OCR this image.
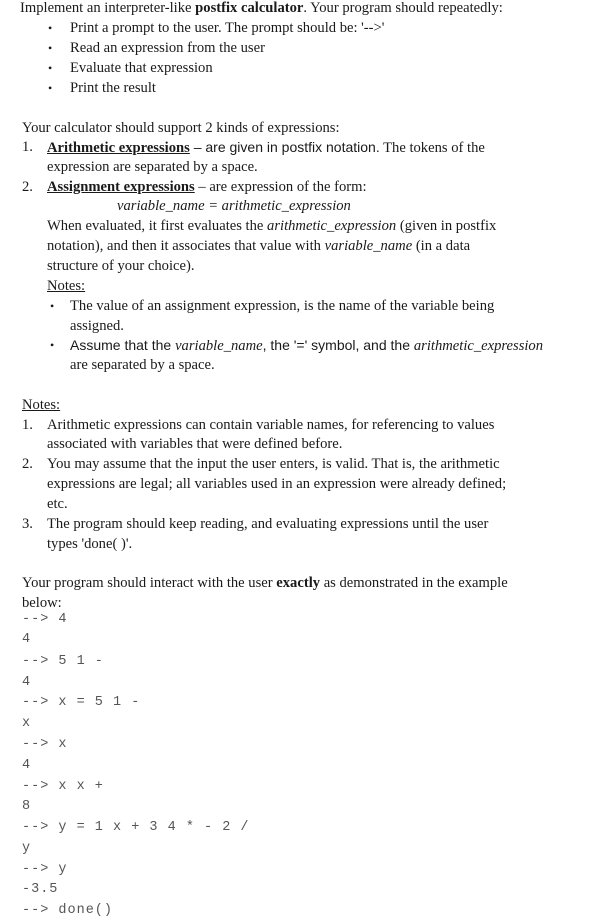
Implement an interpreter-like postfix calculator. Your program should repeatedly:
• Print a prompt to the user. The prompt should be: '-->'
• Read an expression from the user
• Evaluate that expression
• Print the result
Your calculator should support 2 kinds of expressions:
1. Arithmetic expressions – are given in postfix notation. The tokens of the
expression are separated by a space.
2. Assignment expressions – are expression of the form:
variable_name = arithmetic_expression
When evaluated, it first evaluates the arithmetic_expression (given in postfix
notation), and then it associates that value with variable_name (in a data
structure of your choice).
Notes:
• The value of an assignment expression, is the name of the variable being
assigned.
• Assume that the variable_name, the '=' symbol, and the arithmetic_expression
are separated by a space.
Notes:
1. Arithmetic expressions can contain variable names, for referencing to values
associated with variables that were defined before.
2. You may assume that the input the user enters, is valid. That is, the arithmetic
expressions are legal; all variables used in an expression were already defined;
etc.
3. The program should keep reading, and evaluating expressions until the user
types 'done( )'.
Your program should interact with the user exactly as demonstrated in the example
below:
--> 4
4
--> 5 1 -
4
--> x = 5 1 -
x
--> x
4
--> x x +
8
--> y = 1 x + 3 4 * - 2 /
y
--> y
-3.5
--> done()
